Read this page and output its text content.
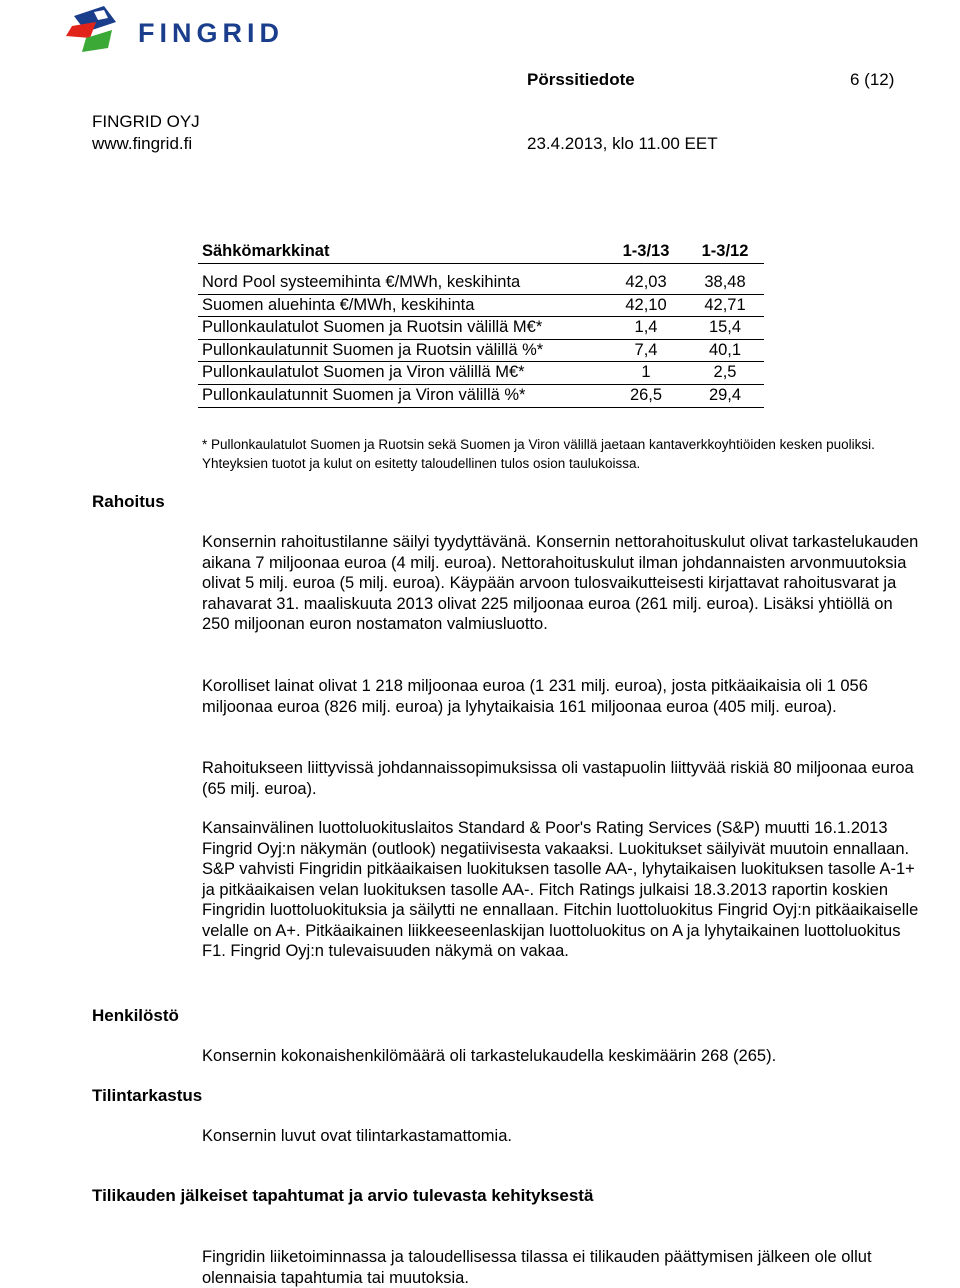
FINGRID
Pörssitiedote	6 (12)
FINGRID OYJ
www.fingrid.fi	23.4.2013, klo 11.00 EET
Sähkömarkkinat	1-3/13	1-3/12

Nord Pool systeemihinta €/MWh, keskihinta	42,03	38,48
Suomen aluehinta €/MWh, keskihinta	42,10	42,71
Pullonkaulatulot Suomen ja Ruotsin välillä M€*	1,4	15,4
Pullonkaulatunnit Suomen ja Ruotsin välillä %*	7,4	40,1
Pullonkaulatulot Suomen ja Viron välillä M€*	1	2,5
Pullonkaulatunnit Suomen ja Viron välillä %*	26,5	29,4
* Pullonkaulatulot Suomen ja Ruotsin sekä Suomen ja Viron välillä jaetaan kantaverkkoyhtiöiden kesken puoliksi. Yhteyksien tuotot ja kulut on esitetty taloudellinen tulos osion taulukoissa.
Rahoitus
Henkilöstö
Tilintarkastus
Tilikauden jälkeiset tapahtumat ja arvio tulevasta kehityksestä
Konsernin rahoitustilanne säilyi tyydyttävänä. Konsernin nettorahoituskulut olivat tarkastelukauden aikana 7 miljoonaa euroa (4 milj. euroa). Nettorahoituskulut ilman johdannaisten arvonmuutoksia olivat 5 milj. euroa (5 milj. euroa). Käypään arvoon tulosvaikutteisesti kirjattavat rahoitusvarat ja rahavarat 31. maaliskuuta 2013 olivat 225 miljoonaa euroa (261 milj. euroa). Lisäksi yhtiöllä on 250 miljoonan euron nostamaton valmiusluotto.
Korolliset lainat olivat 1 218 miljoonaa euroa (1 231 milj. euroa), josta pitkäaikaisia oli 1 056 miljoonaa euroa (826 milj. euroa) ja lyhytaikaisia 161 miljoonaa euroa (405 milj. euroa).
Rahoitukseen liittyvissä johdannaissopimuksissa oli vastapuolin liittyvää riskiä 80 miljoonaa euroa (65 milj. euroa).
Kansainvälinen luottoluokituslaitos Standard & Poor's Rating Services (S&P) muutti 16.1.2013 Fingrid Oyj:n näkymän (outlook) negatiivisesta vakaaksi. Luokitukset säilyivät muutoin ennallaan. S&P vahvisti Fingridin pitkäaikaisen luokituksen tasolle AA-, lyhytaikaisen luokituksen tasolle A-1+ ja pitkäaikaisen velan luokituksen tasolle AA-. Fitch Ratings julkaisi 18.3.2013 raportin koskien Fingridin luottoluokituksia ja säilytti ne ennallaan. Fitchin luottoluokitus Fingrid Oyj:n pitkäaikaiselle velalle on A+. Pitkäaikainen liikkeeseenlaskijan luottoluokitus on A ja lyhytaikainen luottoluokitus F1. Fingrid Oyj:n tulevaisuuden näkymä on vakaa.
Konsernin kokonaishenkilömäärä oli tarkastelukaudella keskimäärin 268 (265).
Konsernin luvut ovat tilintarkastamattomia.
Fingridin liiketoiminnassa ja taloudellisessa tilassa ei tilikauden päättymisen jälkeen ole ollut olennaisia tapahtumia tai muutoksia.
